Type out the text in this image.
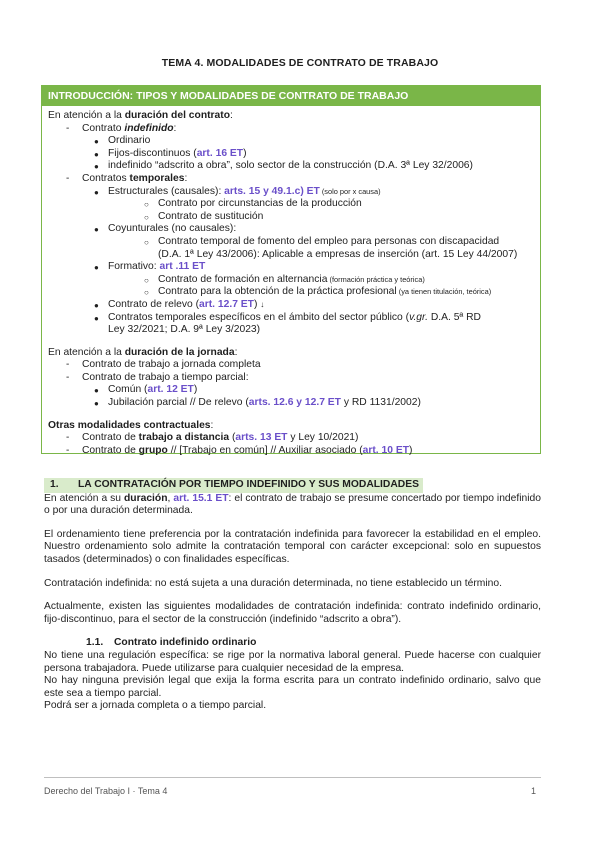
TEMA 4. MODALIDADES DE CONTRATO DE TRABAJO
INTRODUCCIÓN: TIPOS Y MODALIDADES DE CONTRATO DE TRABAJO
En atención a la duración del contrato:
- Contrato indefinido:
● Ordinario
● Fijos-discontinuos (art. 16 ET)
● indefinido “adscrito a obra”, solo sector de la construcción (D.A. 3ª Ley 32/2006)
- Contratos temporales:
● Estructurales (causales): arts. 15 y 49.1.c) ET (solo por x causa)
○ Contrato por circunstancias de la producción
○ Contrato de sustitución
● Coyunturales (no causales):
○ Contrato temporal de fomento del empleo para personas con discapacidad
(D.A. 1ª Ley 43/2006): Aplicable a empresas de inserción (art. 15 Ley 44/2007)
● Formativo: art .11 ET
○ Contrato de formación en alternancia (formación práctica y teórica)
○ Contrato para la obtención de la práctica profesional (ya tienen titulación, teórica)
● Contrato de relevo (art. 12.7 ET) ↓
● Contratos temporales específicos en el ámbito del sector público (v.gr. D.A. 5ª RD
Ley 32/2021; D.A. 9ª Ley 3/2023)
En atención a la duración de la jornada:
- Contrato de trabajo a jornada completa
- Contrato de trabajo a tiempo parcial:
● Común (art. 12 ET)
● Jubilación parcial // De relevo (arts. 12.6 y 12.7 ET y RD 1131/2002)
Otras modalidades contractuales:
- Contrato de trabajo a distancia (arts. 13 ET y Ley 10/2021)
- Contrato de grupo // [Trabajo en común] // Auxiliar asociado (art. 10 ET)
1. LA CONTRATACIÓN POR TIEMPO INDEFINIDO Y SUS MODALIDADES

En atención a su duración, art. 15.1 ET: el contrato de trabajo se presume concertado por tiempo indefinido o por una duración determinada.

El ordenamiento tiene preferencia por la contratación indefinida para favorecer la estabilidad en el empleo. Nuestro ordenamiento solo admite la contratación temporal con carácter excepcional: solo en supuestos tasados (determinados) o con finalidades específicas.

Contratación indefinida: no está sujeta a una duración determinada, no tiene establecido un término.

Actualmente, existen las siguientes modalidades de contratación indefinida: contrato indefinido ordinario, fijo-discontinuo, para el sector de la construcción (indefinido “adscrito a obra”).

1.1. Contrato indefinido ordinario

No tiene una regulación específica: se rige por la normativa laboral general. Puede hacerse con cualquier persona trabajadora. Puede utilizarse para cualquier necesidad de la empresa.

No hay ninguna previsión legal que exija la forma escrita para un contrato indefinido ordinario, salvo que este sea a tiempo parcial.

Podrá ser a jornada completa o a tiempo parcial.

Derecho del Trabajo I · Tema 4	1
